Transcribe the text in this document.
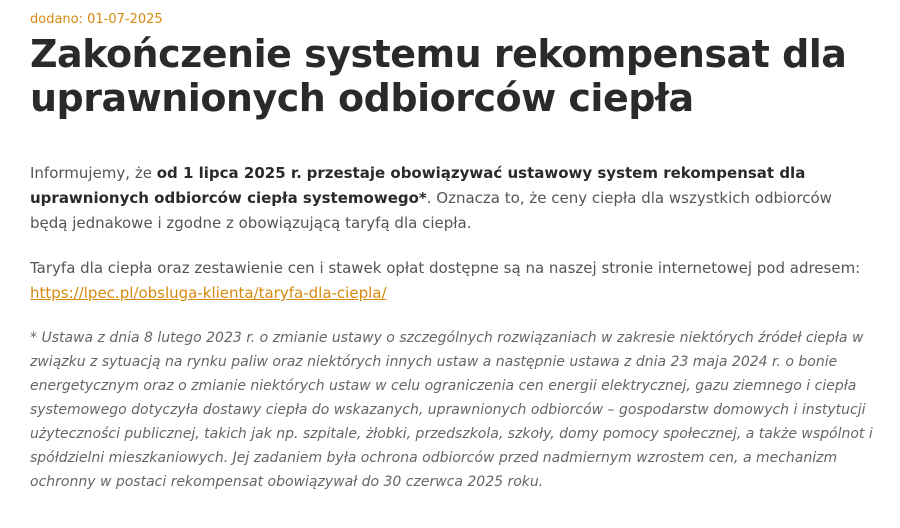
dodano: 01-07-2025

Zakończenie systemu rekompensat dla uprawnionych odbiorców ciepła

Informujemy, że od 1 lipca 2025 r. przestaje obowiązywać ustawowy system rekompensat dla uprawnionych odbiorców ciepła systemowego*. Oznacza to, że ceny ciepła dla wszystkich odbiorców będą jednakowe i zgodne z obowiązującą taryfą dla ciepła.

Taryfa dla ciepła oraz zestawienie cen i stawek opłat dostępne są na naszej stronie internetowej pod adresem: https://lpec.pl/obsluga-klienta/taryfa-dla-ciepla/

* Ustawa z dnia 8 lutego 2023 r. o zmianie ustawy o szczególnych rozwiązaniach w zakresie niektórych źródeł ciepła w związku z sytuacją na rynku paliw oraz niektórych innych ustaw a następnie ustawa z dnia 23 maja 2024 r. o bonie energetycznym oraz o zmianie niektórych ustaw w celu ograniczenia cen energii elektrycznej, gazu ziemnego i ciepła systemowego dotyczyła dostawy ciepła do wskazanych, uprawnionych odbiorców – gospodarstw domowych i instytucji użyteczności publicznej, takich jak np. szpitale, żłobki, przedszkola, szkoły, domy pomocy społecznej, a także wspólnot i spółdzielni mieszkaniowych. Jej zadaniem była ochrona odbiorców przed nadmiernym wzrostem cen, a mechanizm ochronny w postaci rekompensat obowiązywał do 30 czerwca 2025 roku.
